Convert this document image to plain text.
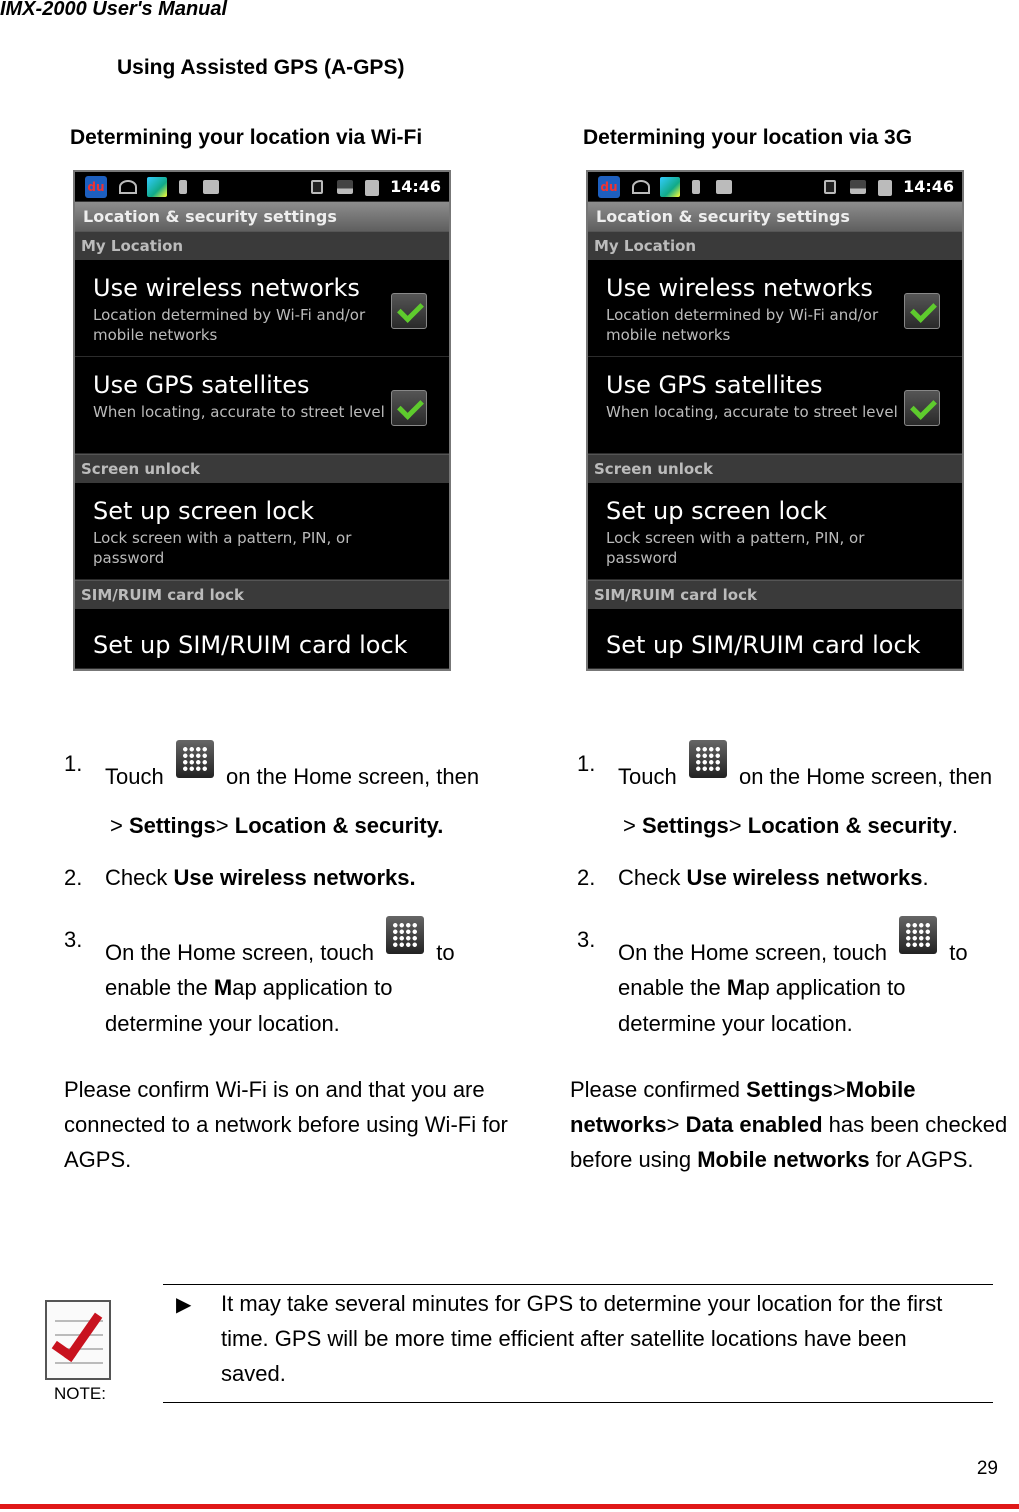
IMX-2000 User's Manual
Using Assisted GPS (A-GPS)
Determining your location via Wi-Fi	Determining your location via 3G
du	14:46
Location & security settings
My Location
Use wireless networks
Location determined by Wi-Fi and/or mobile networks
Use GPS satellites
When locating, accurate to street level
Screen unlock
Set up screen lock
Lock screen with a pattern, PIN, or password
SIM/RUIM card lock
Set up SIM/RUIM card lock
du	14:46
Location & security settings
My Location
Use wireless networks
Location determined by Wi-Fi and/or mobile networks
Use GPS satellites
When locating, accurate to street level
Screen unlock
Set up screen lock
Lock screen with a pattern, PIN, or password
SIM/RUIM card lock
Set up SIM/RUIM card lock
1.
Touch	on the Home screen, then
> Settings> Location & security.
2.	Check Use wireless networks.
3.
On the Home screen, touch	to
enable the Map application to
determine your location.
Please confirm Wi-Fi is on and that you are connected to a network before using Wi-Fi for AGPS.
1.
Touch	on the Home screen, then
> Settings> Location & security.
2.	Check Use wireless networks.
3.
On the Home screen, touch	to
enable the Map application to
determine your location.
Please confirmed Settings>Mobile networks> Data enabled has been checked before using Mobile networks for AGPS.
NOTE:
▶ It may take several minutes for GPS to determine your location for the first time. GPS will be more time efficient after satellite locations have been saved.
29
